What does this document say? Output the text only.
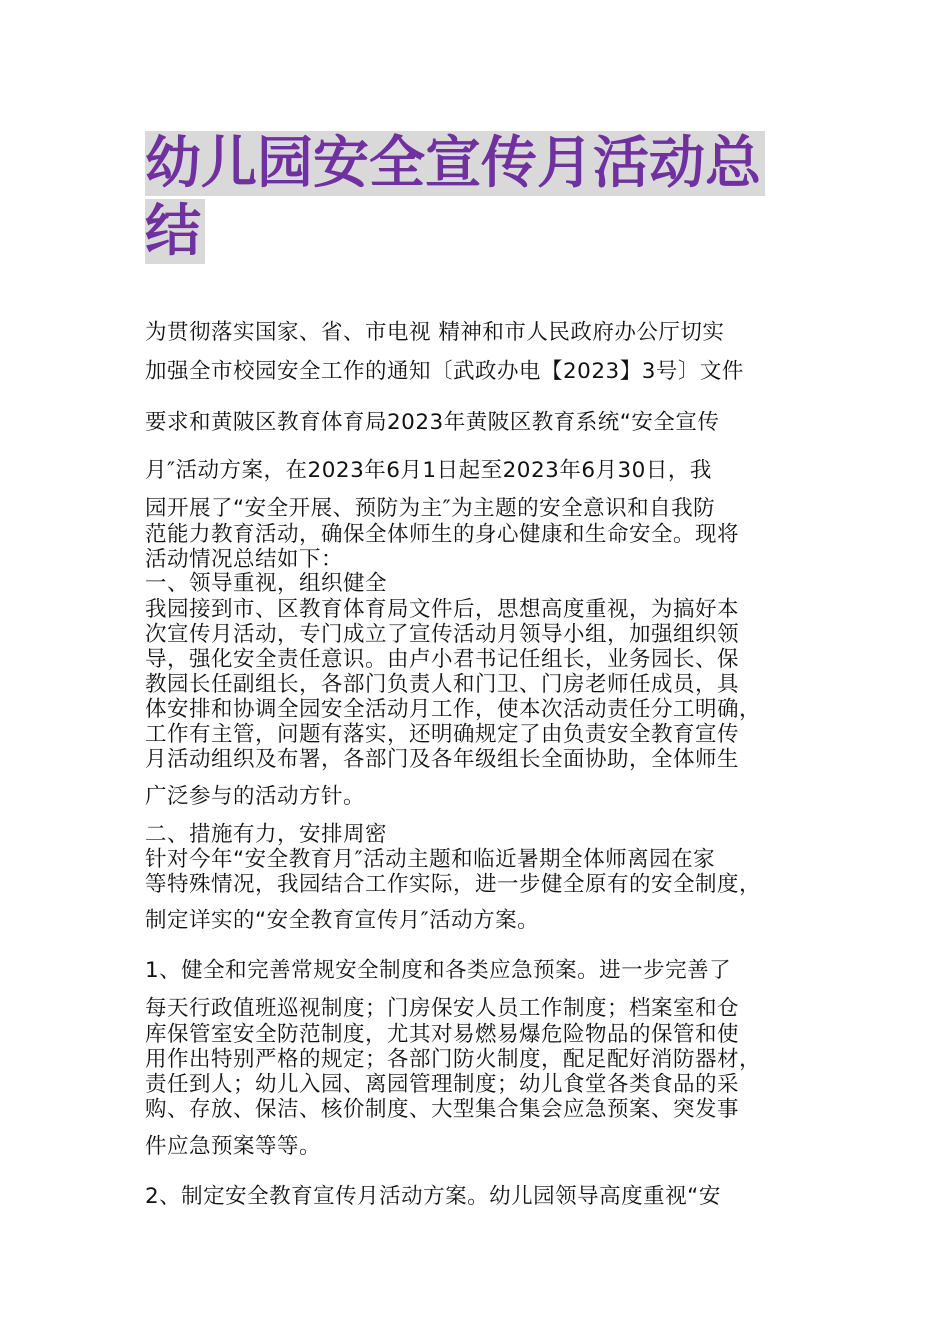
幼儿园安全宣传月活动总
结

为贯彻落实国家、省、市电视 精神和市人民政府办公厅切实

加强全市校园安全工作的通知〔武政办电【2023】3号〕文件

要求和黄陂区教育体育局2023年黄陂区教育系统“安全宣传

月″活动方案，在2023年6月1日起至2023年6月30日，我

园开展了“安全开展、预防为主″为主题的安全意识和自我防

范能力教育活动，确保全体师生的身心健康和生命安全。现将

活动情况总结如下：

一、领导重视，组织健全

我园接到市、区教育体育局文件后，思想高度重视，为搞好本

次宣传月活动，专门成立了宣传活动月领导小组，加强组织领

导，强化安全责任意识。由卢小君书记任组长，业务园长、保

教园长任副组长，各部门负责人和门卫、门房老师任成员，具

体安排和协调全园安全活动月工作，使本次活动责任分工明确，

工作有主管，问题有落实，还明确规定了由负责安全教育宣传

月活动组织及布署，各部门及各年级组长全面协助，全体师生

广泛参与的活动方针。

二、措施有力，安排周密

针对今年“安全教育月″活动主题和临近暑期全体师离园在家

等特殊情况，我园结合工作实际，进一步健全原有的安全制度，

制定详实的“安全教育宣传月″活动方案。

1、健全和完善常规安全制度和各类应急预案。进一步完善了

每天行政值班巡视制度；门房保安人员工作制度；档案室和仓

库保管室安全防范制度，尤其对易燃易爆危险物品的保管和使

用作出特别严格的规定；各部门防火制度，配足配好消防器材，

责任到人；幼儿入园、离园管理制度；幼儿食堂各类食品的采

购、存放、保洁、核价制度、大型集合集会应急预案、突发事

件应急预案等等。

2、制定安全教育宣传月活动方案。幼儿园领导高度重视“安
